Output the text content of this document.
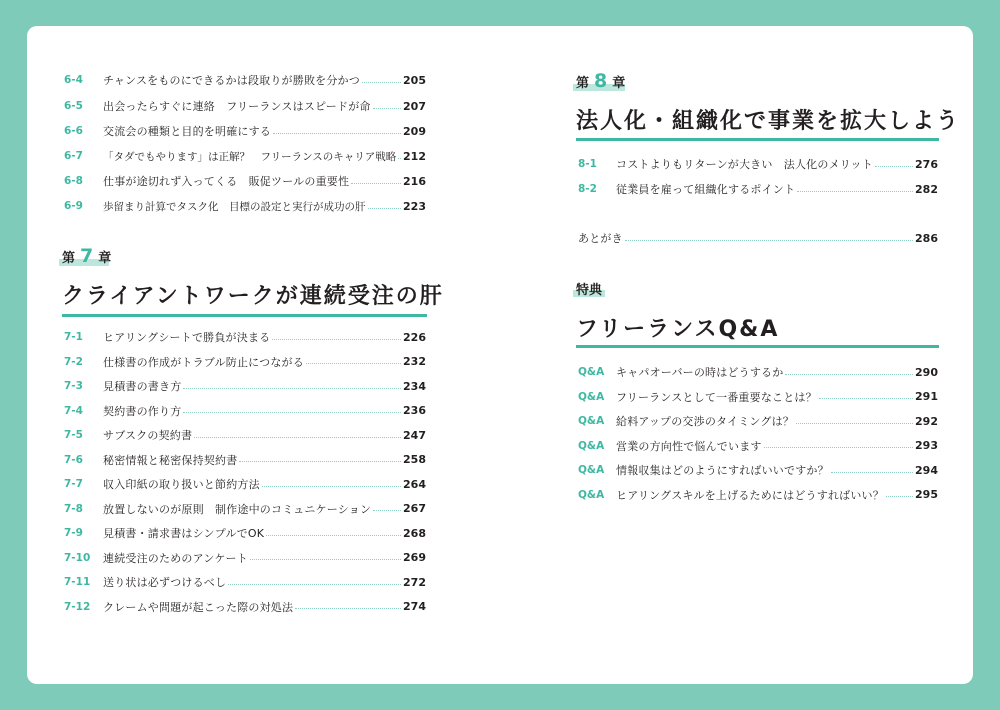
6-4	チャンスをものにできるかは段取りが勝敗を分かつ	205
6-5	出会ったらすぐに連絡　フリーランスはスピードが命	207
6-6	交流会の種類と目的を明確にする	209
6-7	「タダでもやります」は正解？　フリーランスのキャリア戦略 212
6-8	仕事が途切れず入ってくる　販促ツールの重要性	216
6-9	歩留まり計算でタスク化　目標の設定と実行が成功の肝	223
第 7 章
クライアントワークが連続受注の肝
7-1	ヒアリングシートで勝負が決まる	226
7-2	仕様書の作成がトラブル防止につながる	232
7-3	見積書の書き方	234
7-4	契約書の作り方	236
7-5	サブスクの契約書	247
7-6	秘密情報と秘密保持契約書	258
7-7	収入印紙の取り扱いと節約方法	264
7-8	放置しないのが原則　制作途中のコミュニケーション	267
7-9	見積書・請求書はシンプルでOK	268
7-10	連続受注のためのアンケート	269
7-11	送り状は必ずつけるべし	272
7-12	クレームや問題が起こった際の対処法	274
第 8 章
法人化・組織化で事業を拡大しよう
8-1	コストよりもリターンが大きい　法人化のメリット	276
8-2	従業員を雇って組織化するポイント	282
あとがき	286
特典
フリーランスQ&A
Q&A	キャパオーバーの時はどうするか	290
Q&A	フリーランスとして一番重要なことは？	291
Q&A	給料アップの交渉のタイミングは？	292
Q&A	営業の方向性で悩んでいます	293
Q&A	情報収集はどのようにすればいいですか？	294
Q&A	ヒアリングスキルを上げるためにはどうすればいい？	295
